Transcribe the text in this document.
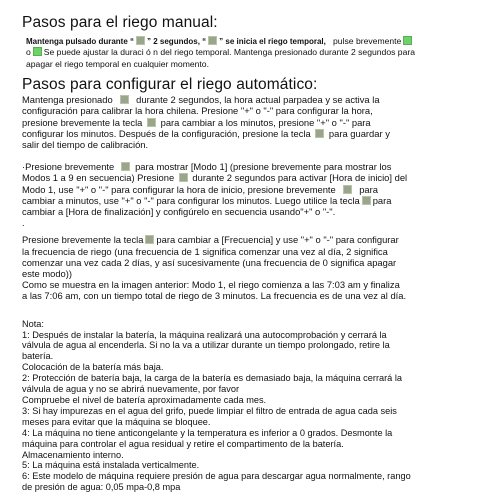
Pasos para el riego manual:

Mantenga pulsado durante “ ” 2 segundos, “ ” se inicia el riego temporal, pulse brevemente

o Se puede ajustar la duraci ó n del riego temporal. Mantenga presionado durante 2 segundos para

apagar el riego temporal en cualquier momento.

Pasos para configurar el riego automático:

Mantenga presionado durante 2 segundos, la hora actual parpadea y se activa la

configuración para calibrar la hora chilena. Presione "+" o "-" para configurar la hora,

presione brevemente la tecla para cambiar a los minutos, presione "+" o "-" para

configurar los minutos. Después de la configuración, presione la tecla para guardar y

salir del tiempo de calibración.

·Presione brevemente para mostrar [Modo 1] (presione brevemente para mostrar los

Modos 1 a 9 en secuencia) Presione durante 2 segundos para activar [Hora de inicio] del

Modo 1, use "+" o "-" para configurar la hora de inicio, presione brevemente para

cambiar a minutos, use "+" o "-" para configurar los minutos. Luego utilice la tecla para

cambiar a [Hora de finalización] y configúrelo en secuencia usando"+" o "-".

.

Presione brevemente la tecla para cambiar a [Frecuencia] y use "+" o "-" para configurar

la frecuencia de riego (una frecuencia de 1 significa comenzar una vez al día, 2 significa

comenzar una vez cada 2 días, y así sucesivamente (una frecuencia de 0 significa apagar

este modo))

Como se muestra en la imagen anterior: Modo 1, el riego comienza a las 7:03 am y finaliza

a las 7:06 am, con un tiempo total de riego de 3 minutos. La frecuencia es de una vez al día.

Nota:

1: Después de instalar la batería, la máquina realizará una autocomprobación y cerrará la

válvula de agua al encenderla. Si no la va a utilizar durante un tiempo prolongado, retire la

batería.

Colocación de la batería más baja.

2: Protección de batería baja, la carga de la batería es demasiado baja, la máquina cerrará la

válvula de agua y no se abrirá nuevamente, por favor

Compruebe el nivel de batería aproximadamente cada mes.

3: Si hay impurezas en el agua del grifo, puede limpiar el filtro de entrada de agua cada seis

meses para evitar que la máquina se bloquee.

4: La máquina no tiene anticongelante y la temperatura es inferior a 0 grados. Desmonte la

máquina para controlar el agua residual y retire el compartimento de la batería.

Almacenamiento interno.

5: La máquina está instalada verticalmente.

6: Este modelo de máquina requiere presión de agua para descargar agua normalmente, rango

de presión de agua: 0,05 mpa-0,8 mpa
